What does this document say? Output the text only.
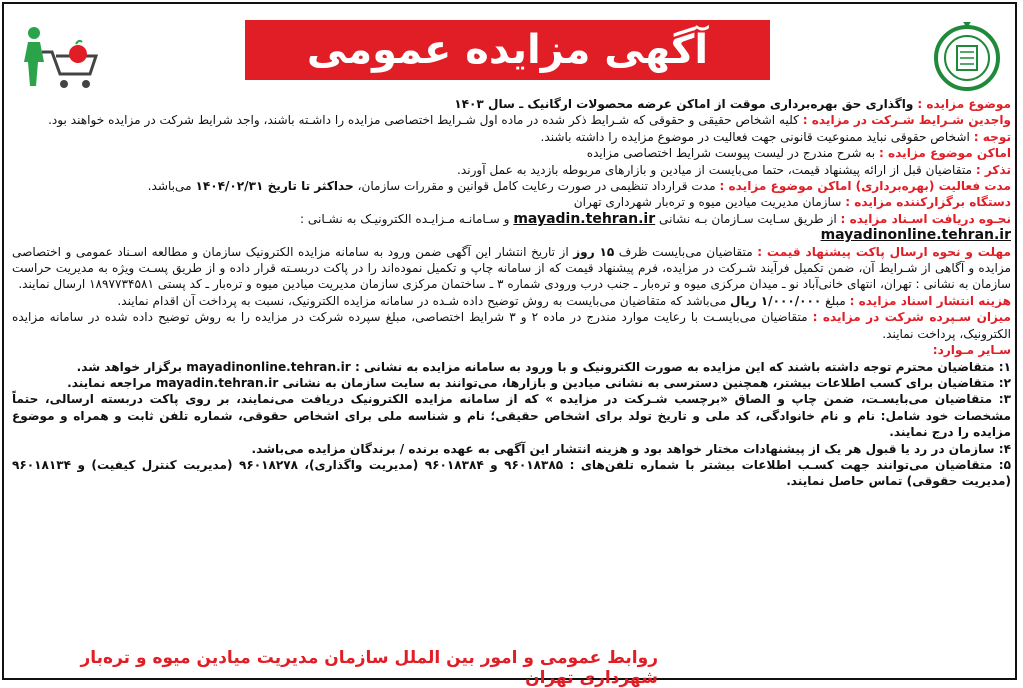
آگهی مزایده عمومی

موضوع مزایده : واگذاری حق بهره‌برداری موقت از اماکن عرضه محصولات ارگانیک ـ سال ۱۴۰۳

واجدین شـرایط شـرکت در مزایده : کلیه اشخاص حقیقی و حقوقی که شـرایط ذکر شده در ماده اول شـرایط اختصاصی مزایده را داشـته باشند، واجد شرایط شرکت در مزایده خواهند بود.

توجه : اشخاص حقوقی نباید ممنوعیت قانونی جهت فعالیت در موضوع مزایده را داشته باشند.

اماکن موضوع مزایده : به شرح مندرج در لیست پیوست شرایط اختصاصی مزایده

تذکر : متقاضیان قبل از ارائه پیشنهاد قیمت، حتما می‌بایست از میادین و بازارهای مربوطه بازدید به عمل آورند.

مدت فعالیت (بهره‌برداری) اماکن موضوع مزایده : مدت قرارداد تنظیمی در صورت رعایت کامل قوانین و مقررات سازمان، حداکثر تا تاریخ ۱۴۰۴/۰۲/۳۱ می‌باشد.

دستگاه برگزارکننده مزایده : سازمان مدیریت میادین میوه و تره‌بار شهرداری تهران

نحـوه دریافت اسـناد مزایده : از طریق سـایت سـازمان بـه نشانی mayadin.tehran.ir و سـامانـه مـزایـده الکترونیـک به نشـانی :
mayadinonline.tehran.ir

مهلت و نحوه ارسال پاکت پیشنهاد قیمت : متقاضیان می‌بایست ظرف ۱۵ روز از تاریخ انتشار این آگهی ضمن ورود به سامانه مزایده الکترونیک سازمان و مطالعه اسـناد عمومی و اختصاصی مزایده و آگاهی از شـرایط آن، ضمن تکمیل فرآیند شـرکت در مزایده، فرم پیشنهاد قیمت که از سامانه چاپ و تکمیل نموده‌اند را در پاکت دربسـته قرار داده و از طریق پسـت ویژه به مدیریت حراست سازمان به نشانی : تهران، انتهای خانی‌آباد نو ـ میدان مرکزی میوه و تره‌بار ـ جنب درب ورودی شماره ۳ ـ ساختمان مرکزی سازمان مدیریت میادین میوه و تره‌بار ـ کد پستی ۱۸۹۷۷۳۴۵۸۱ ارسال نمایند.

هزینه انتشار اسناد مزایده : مبلغ ۱/۰۰۰/۰۰۰ ریال می‌باشد که متقاضیان می‌بایست به روش توضیح داده شـده در سامانه مزایده الکترونیک، نسبت به پرداخت آن اقدام نمایند.

میزان سـپرده شرکت در مزایده : متقاضیان می‌بایسـت با رعایت موارد مندرج در ماده ۲ و ۳ شرایط اختصاصی، مبلغ سپرده شرکت در مزایده را به روش توضیح داده شده در سامانه مزایده الکترونیک، پرداخت نمایند.

سـایر مـوارد:

۱: متقاضیان محترم توجه داشته باشند که این مزایده به صورت الکترونیک و با ورود به سامانه مزایده به نشانی : mayadinonline.tehran.ir برگزار خواهد شد.

۲: متقاضیان برای کسب اطلاعات بیشتر، همچنین دسترسی به نشانی میادین و بازارها، می‌توانند به سایت سازمان به نشانی mayadin.tehran.ir مراجعه نمایند.

۳: متقاضیان می‌بایسـت، ضمن چاپ و الصاق «برچسب شـرکت در مزایده » که از سامانه مزایده الکترونیک دریافت می‌نمایند، بر روی پاکت دربسته ارسالی، حتماً مشخصات خود شامل: نام و نام خانوادگی، کد ملی و تاریخ تولد برای اشخاص حقیقی؛ نام و شناسه ملی برای اشخاص حقوقی، شماره تلفن ثابت و همراه و موضوع مزایده را درج نمایند.

۴: سازمان در رد یا قبول هر یک از پیشنهادات مختار خواهد بود و هزینه انتشار این آگهی به عهده برنده / برندگان مزایده می‌باشد.

۵: متقاضیان می‌توانند جهت کسـب اطلاعات بیشتر با شماره تلفن‌های : ۹۶۰۱۸۳۸۵ و ۹۶۰۱۸۳۸۴ (مدیریت واگذاری)، ۹۶۰۱۸۲۷۸ (مدیریت کنترل کیفیت) و ۹۶۰۱۸۱۳۴ (مدیریت حقوقی) تماس حاصل نمایند.

روابط عمومی و امور بین الملل سازمان مدیریت میادین میوه و تره‌بار شهرداری تهران
